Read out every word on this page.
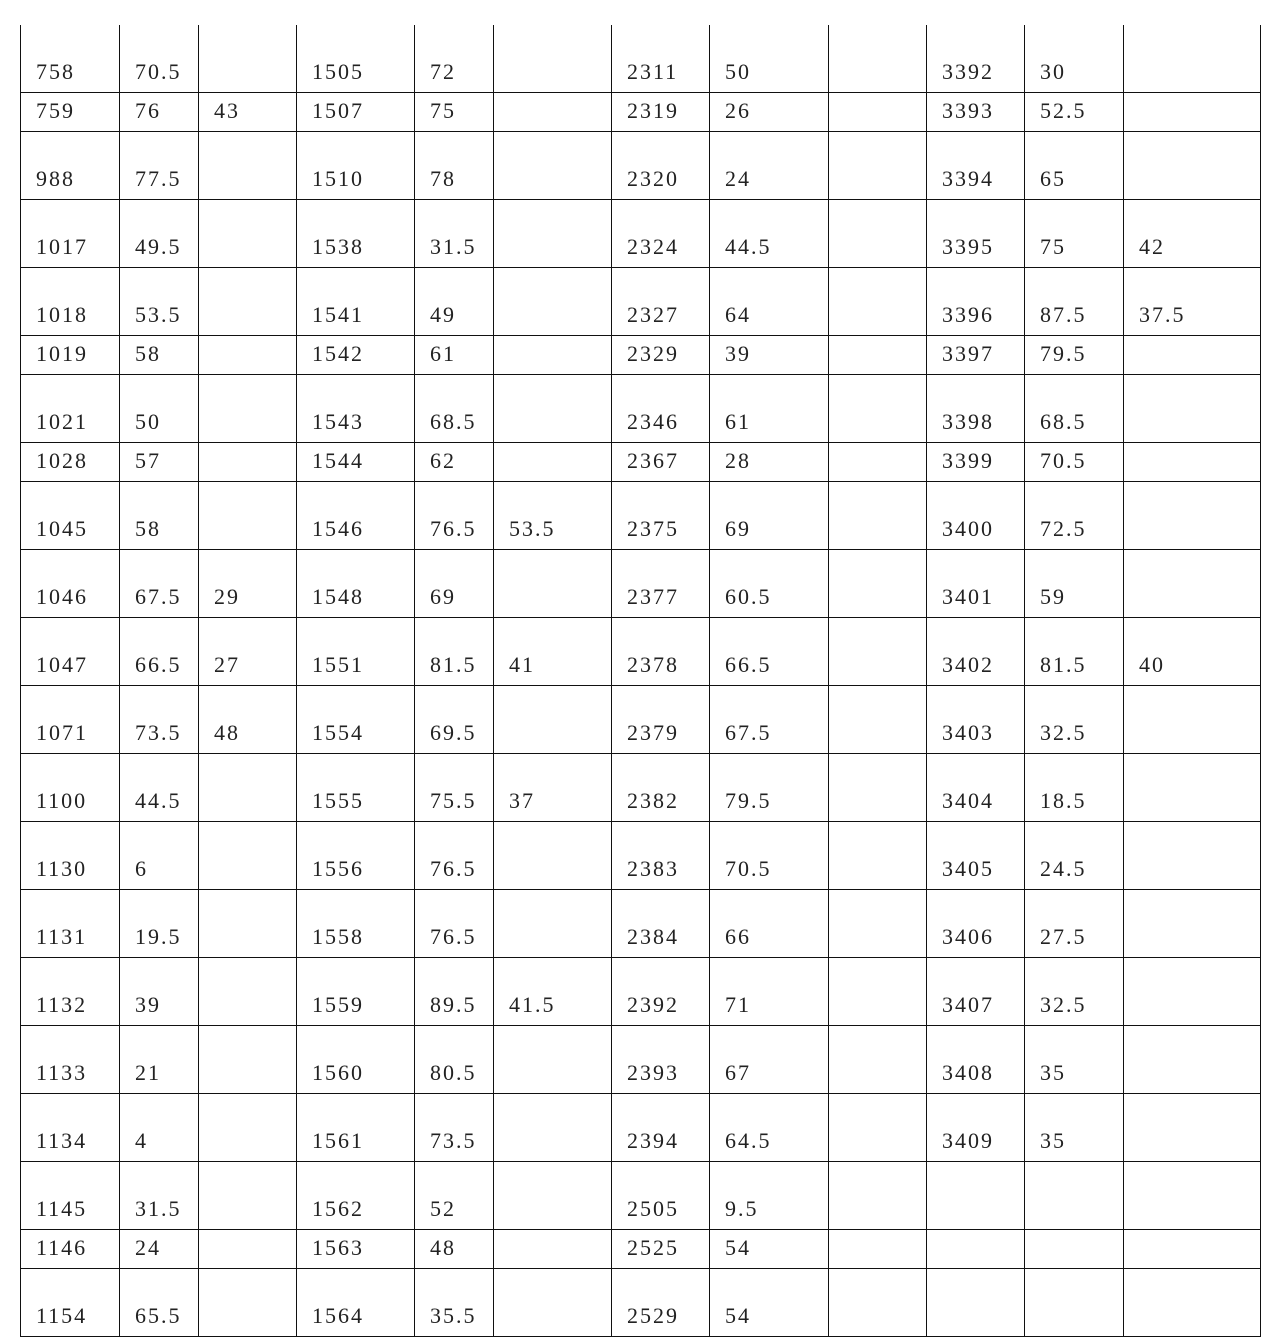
758	70.5		1505	72		2311	50		3392	30	
759	76	43	1507	75		2319	26		3393	52.5	
988	77.5		1510	78		2320	24		3394	65	
1017	49.5		1538	31.5		2324	44.5		3395	75	42
1018	53.5		1541	49		2327	64		3396	87.5	37.5
1019	58		1542	61		2329	39		3397	79.5	
1021	50		1543	68.5		2346	61		3398	68.5	
1028	57		1544	62		2367	28		3399	70.5	
1045	58		1546	76.5	53.5	2375	69		3400	72.5	
1046	67.5	29	1548	69		2377	60.5		3401	59	
1047	66.5	27	1551	81.5	41	2378	66.5		3402	81.5	40
1071	73.5	48	1554	69.5		2379	67.5		3403	32.5	
1100	44.5		1555	75.5	37	2382	79.5		3404	18.5	
1130	6		1556	76.5		2383	70.5		3405	24.5	
1131	19.5		1558	76.5		2384	66		3406	27.5	
1132	39		1559	89.5	41.5	2392	71		3407	32.5	
1133	21		1560	80.5		2393	67		3408	35	
1134	4		1561	73.5		2394	64.5		3409	35	
1145	31.5		1562	52		2505	9.5				
1146	24		1563	48		2525	54				
1154	65.5		1564	35.5		2529	54				
